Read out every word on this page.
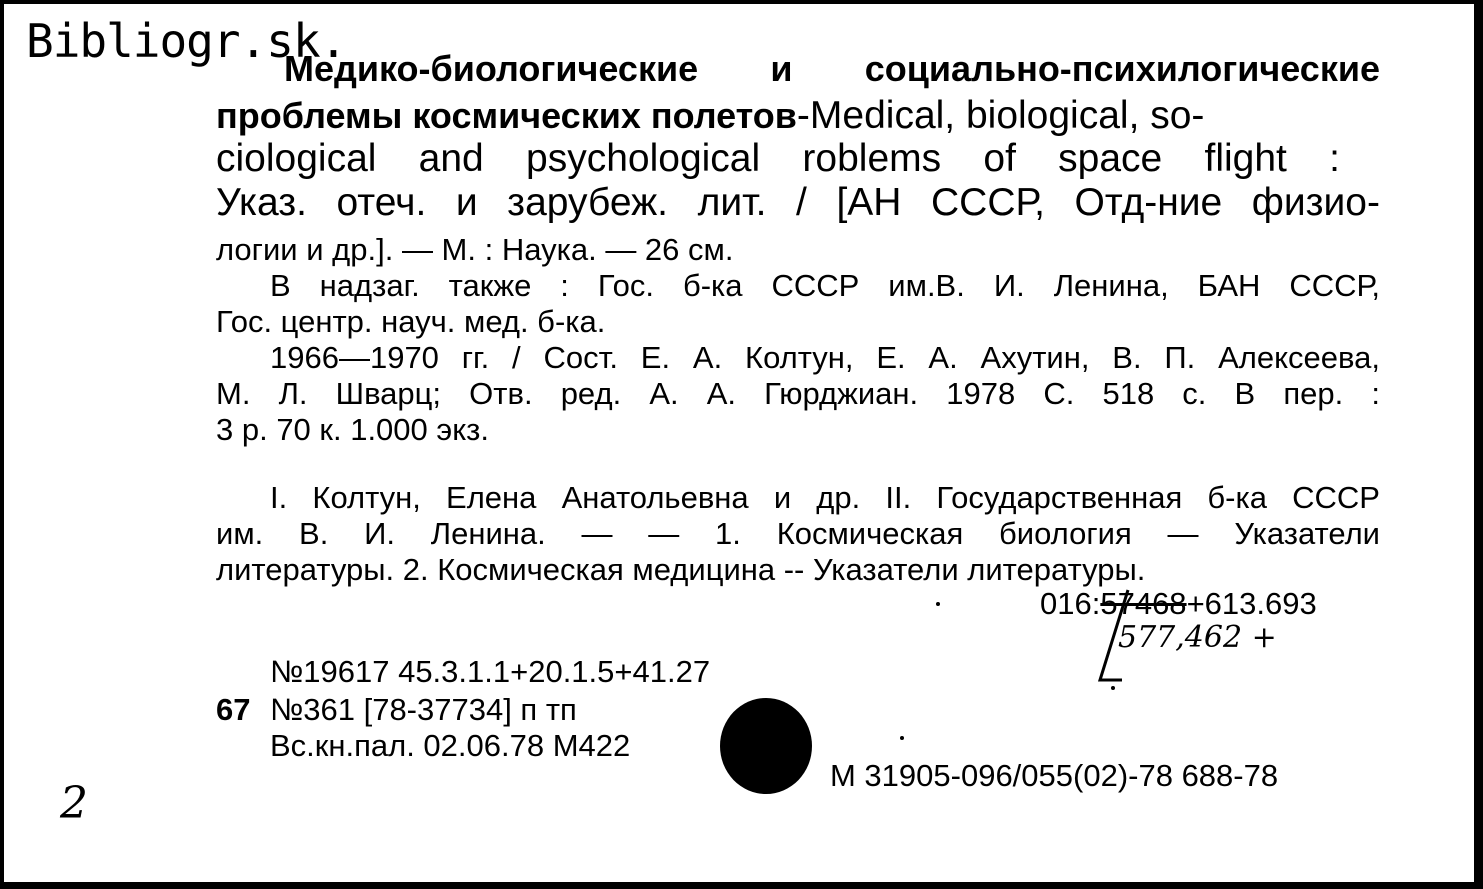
Bibliogr.sk.
Медико-биологические и социально-психилогические
проблемы космических полетов-Medical, biological, so-
ciological and psychological roblems of space flight :
Указ. отеч. и зарубеж. лит. / [АН СССР, Отд-ние физио-
логии и др.]. — М. : Наука. — 26 см.
В надзаг. также : Гос. б-ка СССР им.В. И. Ленина, БАН СССР,
Гос. центр. науч. мед. б-ка.
1966—1970 гг. / Сост. Е. А. Колтун, Е. А. Ахутин, В. П. Алексеева,
М. Л. Шварц; Отв. ред. А. А. Гюрджиан. 1978 С. 518 с. В пер. :
3 р. 70 к. 1.000 экз.
I. Колтун, Елена Анатольевна и др. II. Государственная б-ка СССР
им. В. И. Ленина. — — 1. Космическая биология — Указатели
литературы. 2. Космическая медицина -- Указатели литературы.
016:57468+613.693
577,462 +
№19617 45.3.1.1+20.1.5+41.27
67 №361 [78-37734] п тп
Вс.кн.пал. 02.06.78 М422
М 31905-096/055(02)-78 688-78
2
